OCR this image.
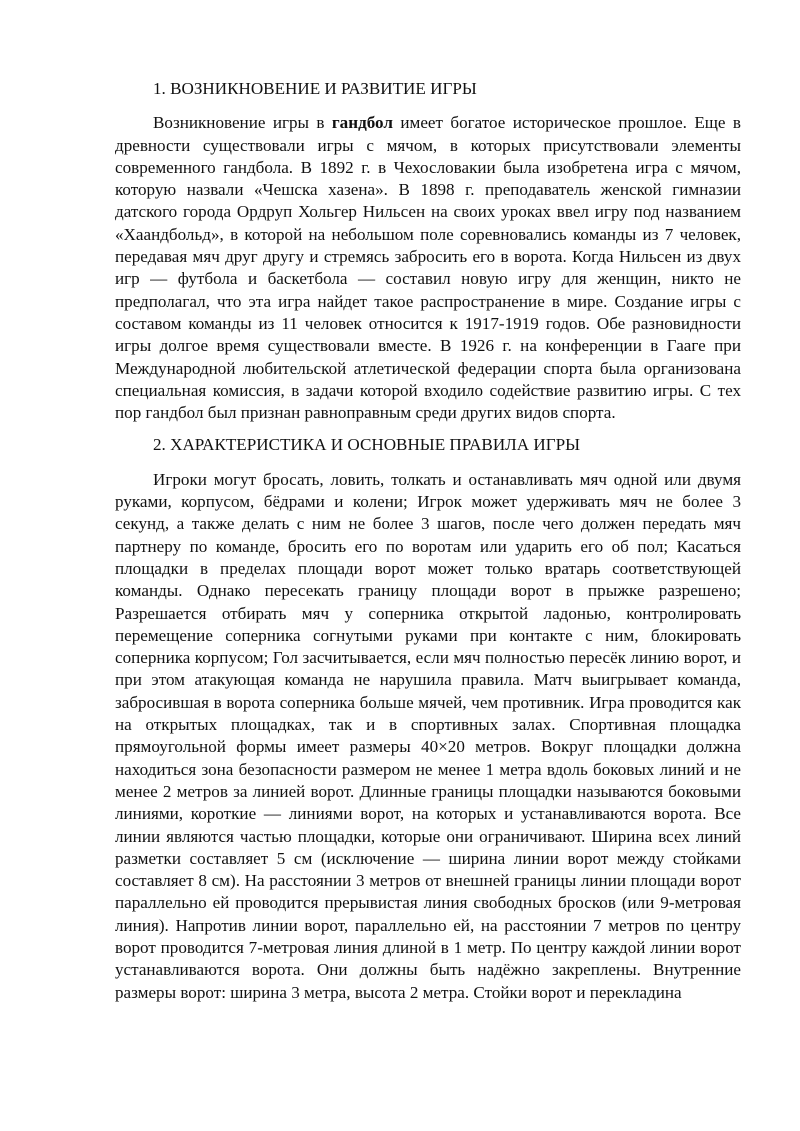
1. ВОЗНИКНОВЕНИЕ И РАЗВИТИЕ ИГРЫ

Возникновение игры в гандбол имеет богатое историческое прошлое. Еще в древности существовали игры с мячом, в которых присутствовали элементы современного гандбола. В 1892 г. в Чехословакии была изобретена игра с мячом, которую назвали «Чешска хазена». В 1898 г. преподаватель женской гимназии датского города Ордруп Хольгер Нильсен на своих уроках ввел игру под названием «Хаандбольд», в которой на небольшом поле соревновались команды из 7 человек, передавая мяч друг другу и стремясь забросить его в ворота. Когда Нильсен из двух игр — футбола и баскетбола — составил новую игру для женщин, никто не предполагал, что эта игра найдет такое распространение в мире. Создание игры с составом команды из 11 человек относится к 1917-1919 годов. Обе разновидности игры долгое время существовали вместе. В 1926 г. на конференции в Гааге при Международной любительской атлетической федерации спорта была организована специальная комиссия, в задачи которой входило содействие развитию игры. С тех пор гандбол был признан равноправным среди других видов спорта.

2. ХАРАКТЕРИСТИКА И ОСНОВНЫЕ ПРАВИЛА ИГРЫ

Игроки могут бросать, ловить, толкать и останавливать мяч одной или двумя руками, корпусом, бёдрами и колени; Игрок может удерживать мяч не более 3 секунд, а также делать с ним не более 3 шагов, после чего должен передать мяч партнеру по команде, бросить его по воротам или ударить его об пол; Касаться площадки в пределах площади ворот может только вратарь соответствующей команды. Однако пересекать границу площади ворот в прыжке разрешено; Разрешается отбирать мяч у соперника открытой ладонью, контролировать перемещение соперника согнутыми руками при контакте с ним, блокировать соперника корпусом; Гол засчитывается, если мяч полностью пересёк линию ворот, и при этом атакующая команда не нарушила правила. Матч выигрывает команда, забросившая в ворота соперника больше мячей, чем противник. Игра проводится как на открытых площадках, так и в спортивных залах. Спортивная площадка прямоугольной формы имеет размеры 40×20 метров. Вокруг площадки должна находиться зона безопасности размером не менее 1 метра вдоль боковых линий и не менее 2 метров за линией ворот. Длинные границы площадки называются боковыми линиями, короткие — линиями ворот, на которых и устанавливаются ворота. Все линии являются частью площадки, которые они ограничивают. Ширина всех линий разметки составляет 5 см (исключение — ширина линии ворот между стойками составляет 8 см). На расстоянии 3 метров от внешней границы линии площади ворот параллельно ей проводится прерывистая линия свободных бросков (или 9-метровая линия). Напротив линии ворот, параллельно ей, на расстоянии 7 метров по центру ворот проводится 7-метровая линия длиной в 1 метр. По центру каждой линии ворот устанавливаются ворота. Они должны быть надёжно закреплены. Внутренние размеры ворот: ширина 3 метра, высота 2 метра. Стойки ворот и перекладина
